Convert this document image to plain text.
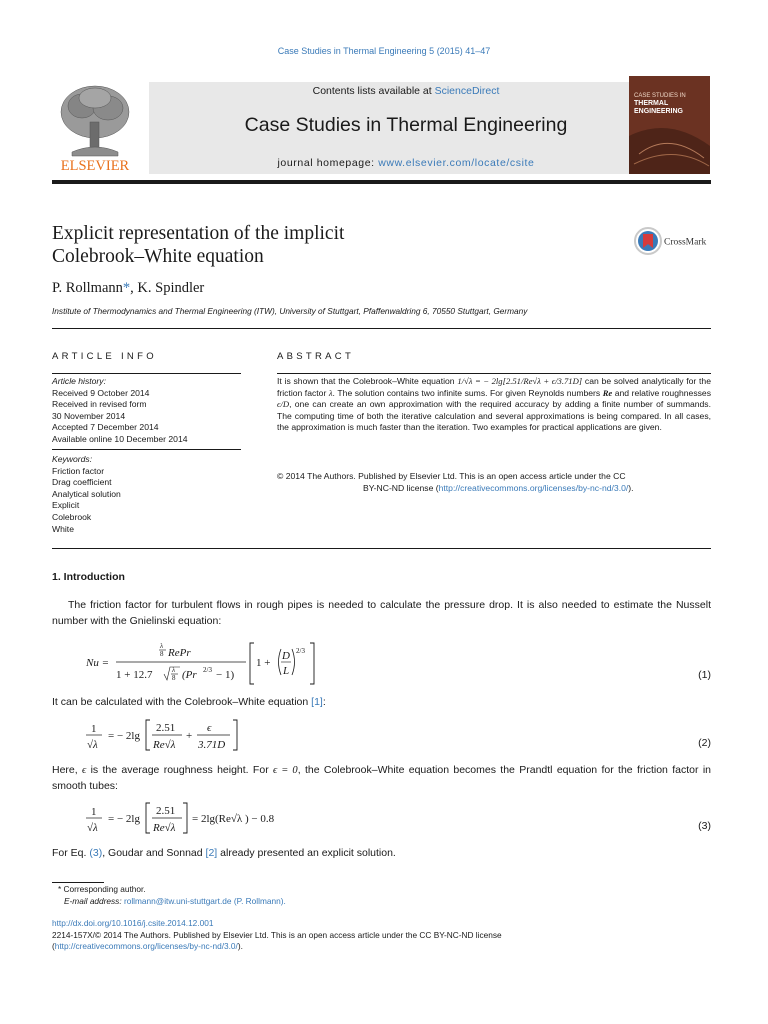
Case Studies in Thermal Engineering 5 (2015) 41–47
ELSEVIER
Contents lists available at ScienceDirect
Case Studies in Thermal Engineering
journal homepage: www.elsevier.com/locate/csite
CASE STUDIES IN
THERMAL
ENGINEERING
Explicit representation of the implicit
Colebrook–White equation
CrossMark
P. Rollmann*, K. Spindler
Institute of Thermodynamics and Thermal Engineering (ITW), University of Stuttgart, Pfaffenwaldring 6, 70550 Stuttgart, Germany
ARTICLE INFO	ABSTRACT
Article history:
Received 9 October 2014
Received in revised form
30 November 2014
Accepted 7 December 2014
Available online 10 December 2014
Keywords:
Friction factor
Drag coefficient
Analytical solution
Explicit
Colebrook
White
It is shown that the Colebrook–White equation 1/√λ = − 2lg[2.51/Re√λ + ϵ/3.71D] can be solved analytically for the friction factor λ. The solution contains two infinite sums. For given Reynolds numbers Re and relative roughnesses ϵ/D, one can create an own approximation with the required accuracy by adding a finite number of summands. The computing time of both the iterative calculation and several approximations is being compared. In all cases, the approximation is much faster than the iteration. Two examples for practical applications are given.
© 2014 The Authors. Published by Elsevier Ltd. This is an open access article under the CC
BY-NC-ND license (http://creativecommons.org/licenses/by-nc-nd/3.0/).
1. Introduction
The friction factor for turbulent flows in rough pipes is needed to calculate the pressure drop. It is also needed to estimate the Nusselt number with the Gnielinski equation:
Nu =
λ
8 RePr
1 + 12.7	λ
8 (Pr 2/3 − 1)
1 +
D
L
2/3
(1)
It can be calculated with the Colebrook–White equation [1]:
1
√λ
= − 2lg
2.51
Re√λ
+
ϵ
3.71D	(2)
Here, ϵ is the average roughness height. For ϵ = 0, the Colebrook–White equation becomes the Prandtl equation for the friction factor in smooth tubes:
1
√λ
= − 2lg
2.51
Re√λ
= 2lg(Re√λ ) − 0.8
(3)
For Eq. (3), Goudar and Sonnad [2] already presented an explicit solution.
* Corresponding author.
E-mail address: rollmann@itw.uni-stuttgart.de (P. Rollmann).
http://dx.doi.org/10.1016/j.csite.2014.12.001
2214-157X/© 2014 The Authors. Published by Elsevier Ltd. This is an open access article under the CC BY-NC-ND license
(http://creativecommons.org/licenses/by-nc-nd/3.0/).
